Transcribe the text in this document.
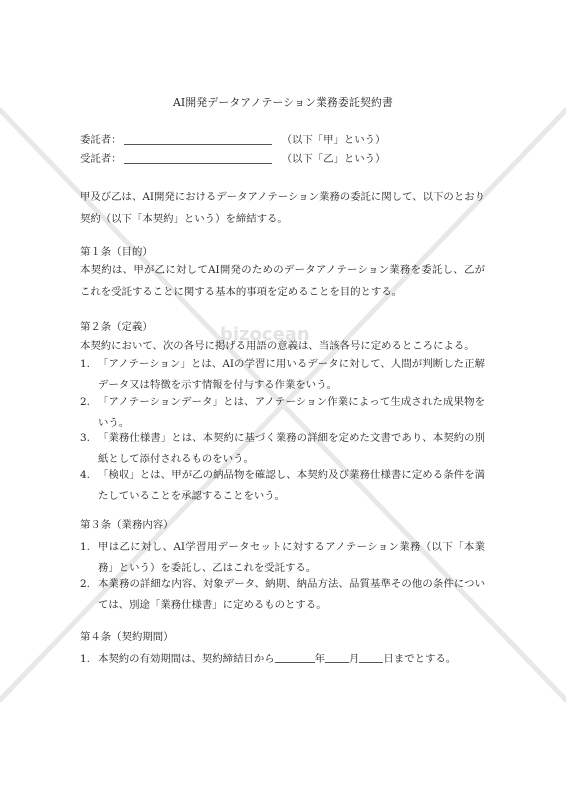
bizocean
AI開発データアノテーション業務委託契約書
委託者：	（以下「甲」という）
受託者：	（以下「乙」という）
甲及び乙は、AI開発におけるデータアノテーション業務の委託に関して、以下のとおり契約（以下「本契約」という）を締結する。
第１条（目的）
本契約は、甲が乙に対してAI開発のためのデータアノテーション業務を委託し、乙がこれを受託することに関する基本的事項を定めることを目的とする。
第２条（定義）
本契約において、次の各号に掲げる用語の意義は、当該各号に定めるところによる。
1. 「アノテーション」とは、AIの学習に用いるデータに対して、人間が判断した正解データ又は特徴を示す情報を付与する作業をいう。
2. 「アノテーションデータ」とは、アノテーション作業によって生成された成果物をいう。
3. 「業務仕様書」とは、本契約に基づく業務の詳細を定めた文書であり、本契約の別紙として添付されるものをいう。
4. 「検収」とは、甲が乙の納品物を確認し、本契約及び業務仕様書に定める条件を満たしていることを承認することをいう。
第３条（業務内容）
1. 甲は乙に対し、AI学習用データセットに対するアノテーション業務（以下「本業務」という）を委託し、乙はこれを受託する。
2. 本業務の詳細な内容、対象データ、納期、納品方法、品質基準その他の条件については、別途「業務仕様書」に定めるものとする。
第４条（契約期間）
1. 本契約の有効期間は、契約締結日から	年 月 日までとする。
